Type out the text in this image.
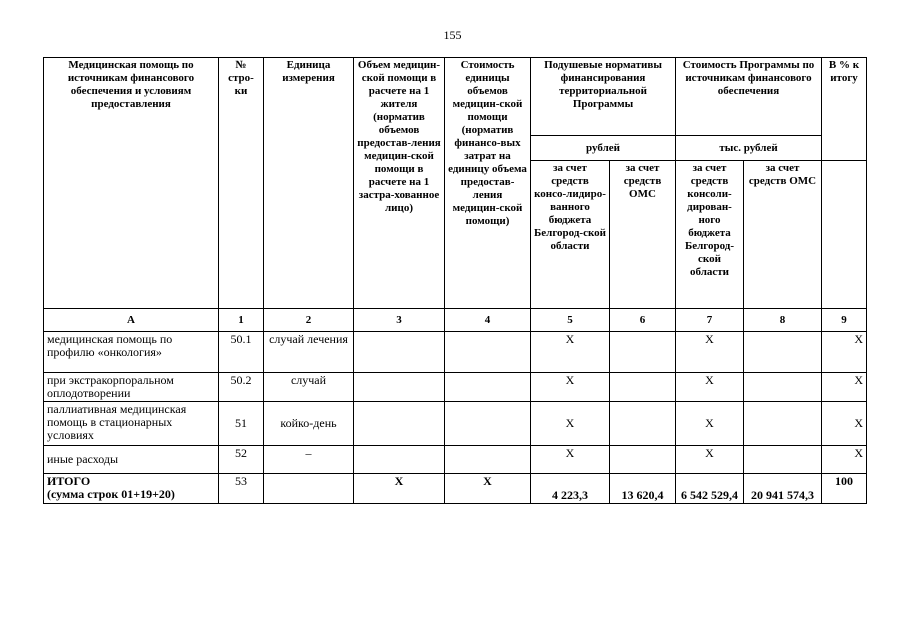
155
Медицинская помощь по источникам финансового обеспечения и условиям предоставления	№ стро-ки	Единица измерения	Объем медицин-ской помощи в расчете на 1 жителя (норматив объемов предостав-ления медицин-ской помощи в расчете на 1 застра-хованное лицо)	Стоимость единицы объемов медицин-ской помощи (норматив финансо-вых затрат на единицу объема предостав-ления медицин-ской помощи)	Подушевые нормативы финансирования территориальной Программы		Стоимость Программы по источникам финансового обеспечения		В % к итогу
					рублей		тыс. рублей		
					за счет средств консо-лидиро-ванного бюджета Белгород-ской области	за счет средств ОМС	за счет средств консоли-дирован-ного бюджета Белгород-ской области	за счет средств ОМС	
А	1	2	3	4	5	6	7	8	9
медицинская помощь по профилю «онкология»	50.1	случай лечения			Х		Х		Х
при экстракорпоральном оплодотворении	50.2	случай			Х		Х		Х
паллиативная медицинская помощь в стационарных условиях	51	койко-день			Х		Х		Х
иные расходы	52	–			Х		Х		Х

ИТОГО
(сумма строк 01+19+20)	53		Х	Х	4 223,3	13 620,4	6 542 529,4	20 941 574,3	100
